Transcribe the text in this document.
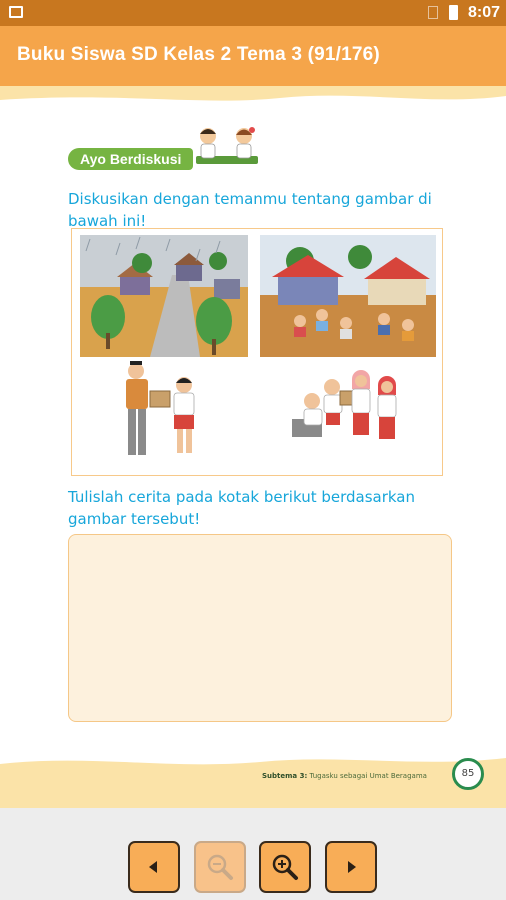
8:07
Buku Siswa SD Kelas 2 Tema 3 (91/176)
Ayo Berdiskusi
Diskusikan dengan temanmu tentang gambar di bawah ini!
Tulislah cerita pada kotak berikut berdasarkan gambar tersebut!
Subtema 3: Tugasku sebagai Umat Beragama	85
